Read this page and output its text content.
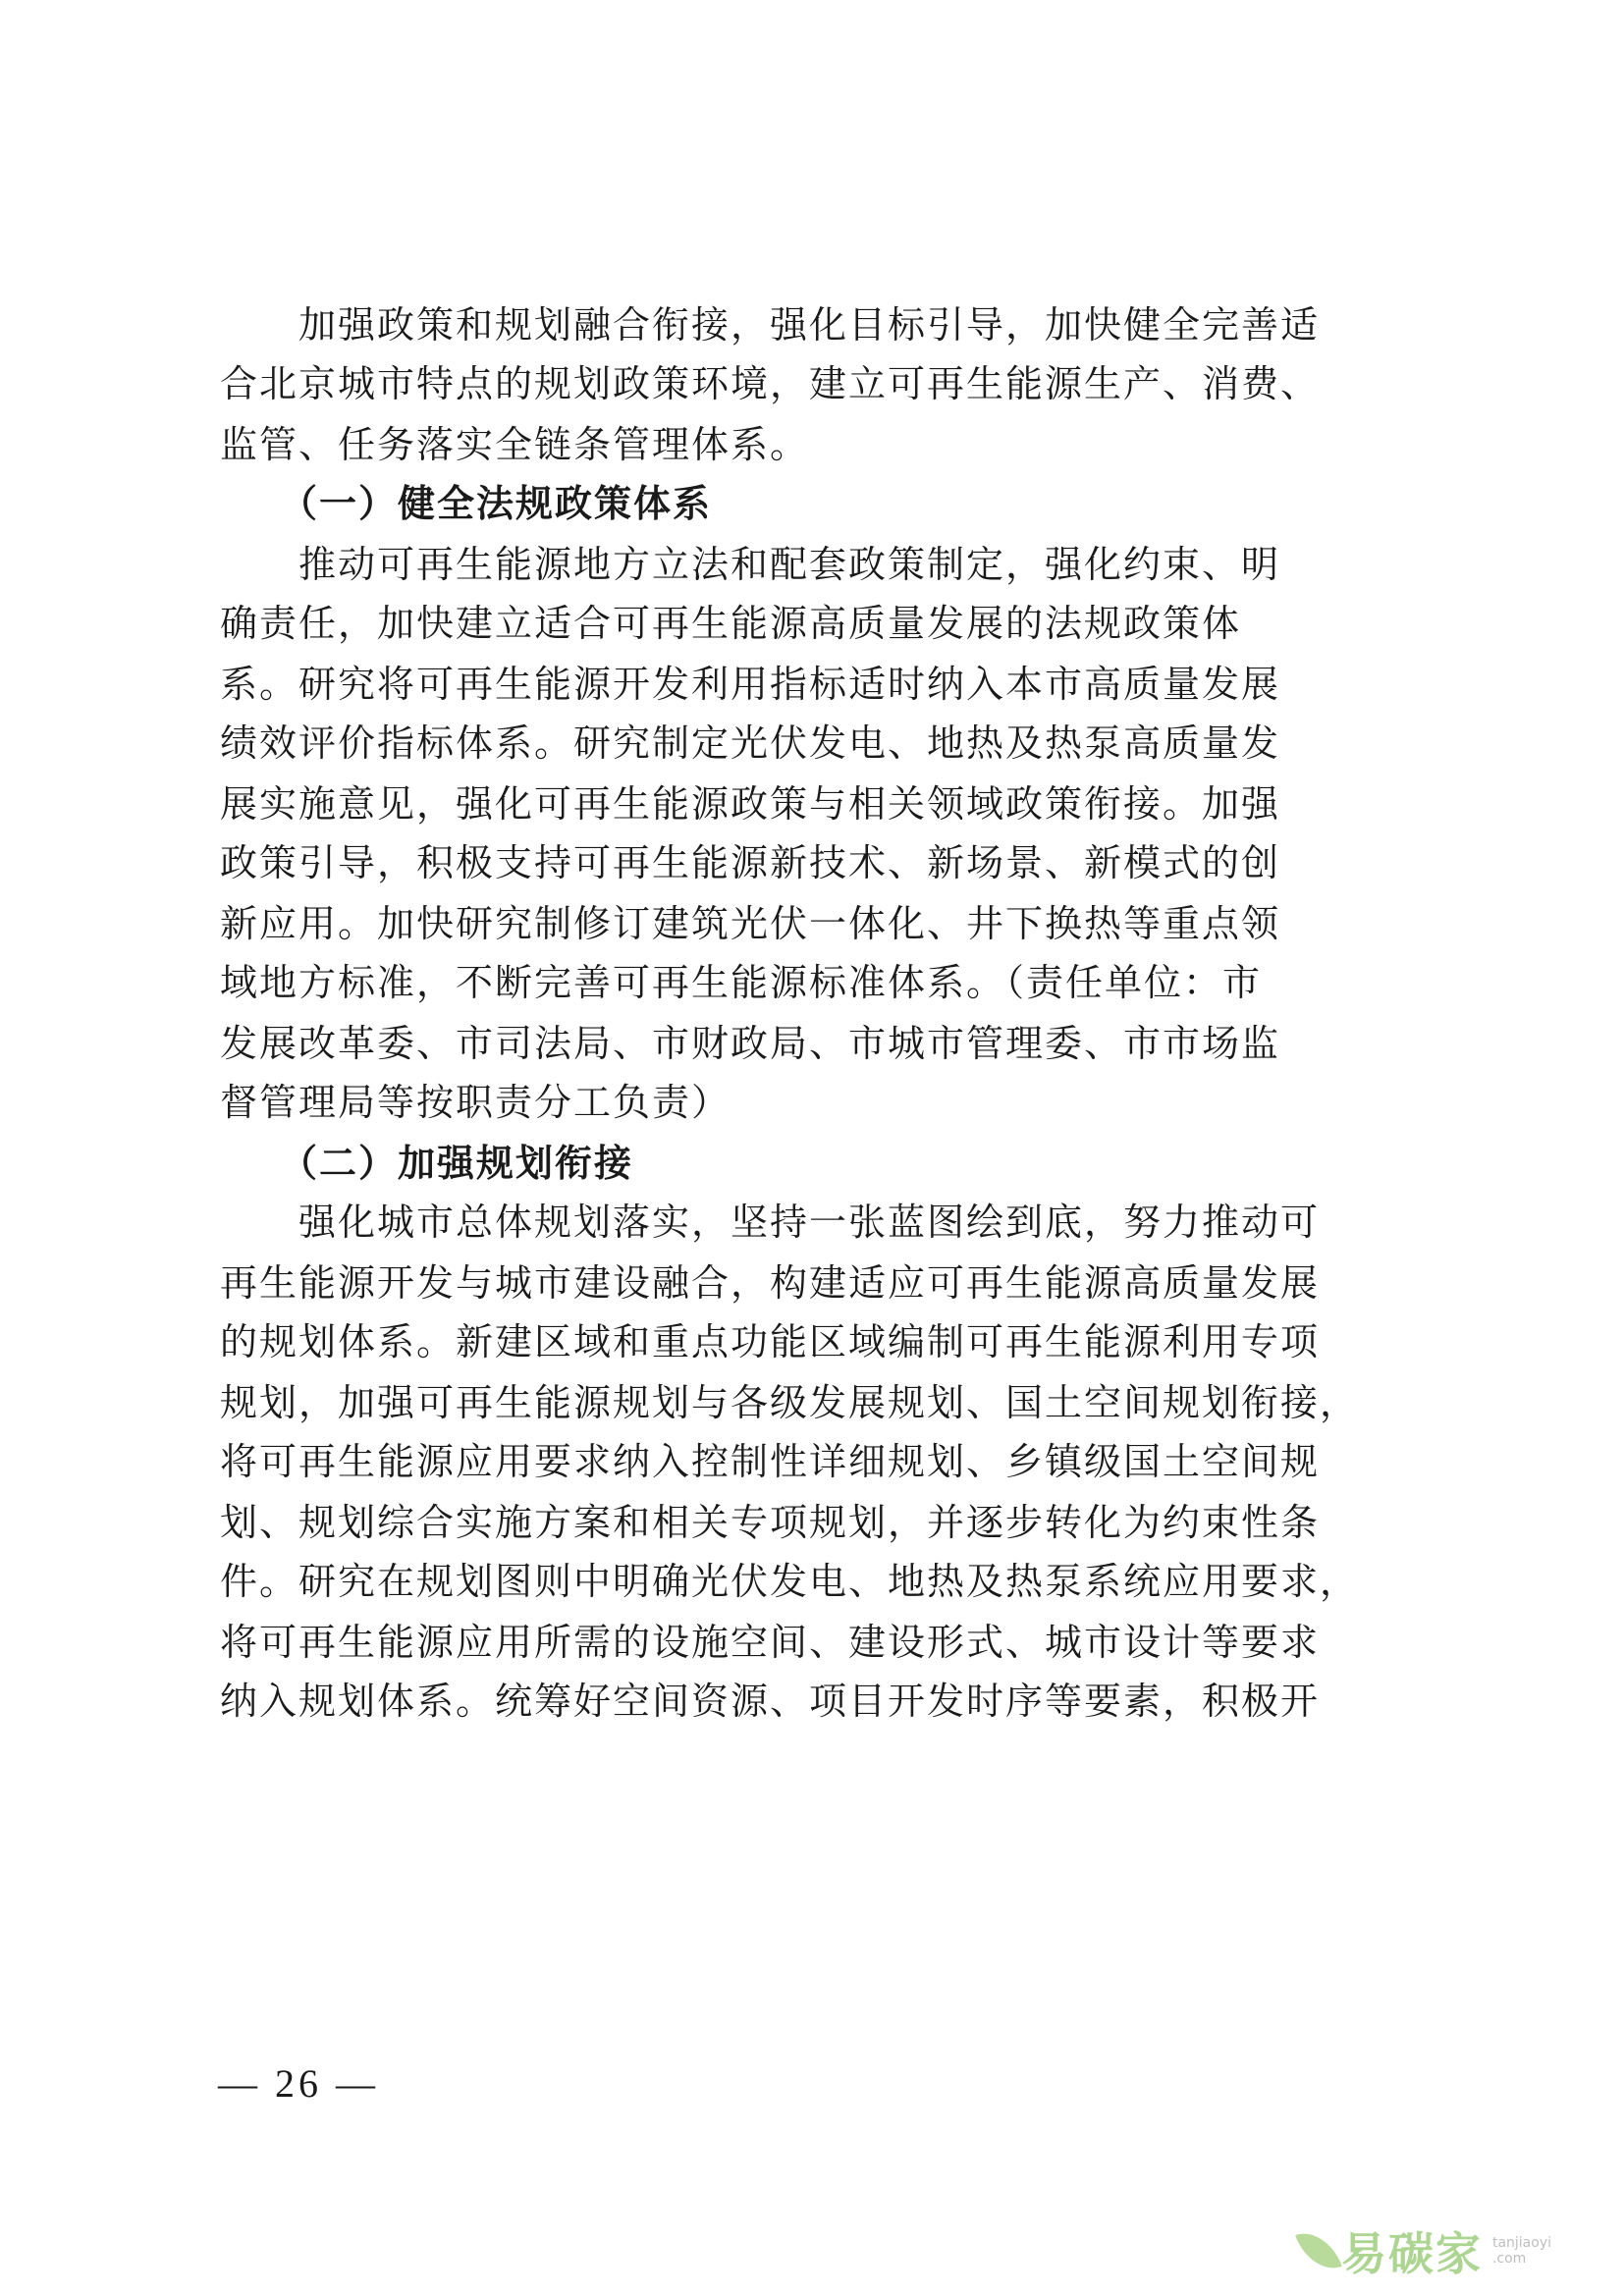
　　加强政策和规划融合衔接，强化目标引导，加快健全完善适
合北京城市特点的规划政策环境，建立可再生能源生产、消费、
监管、任务落实全链条管理体系。
　　（一）健全法规政策体系
　　推动可再生能源地方立法和配套政策制定，强化约束、明
确责任，加快建立适合可再生能源高质量发展的法规政策体
系。研究将可再生能源开发利用指标适时纳入本市高质量发展
绩效评价指标体系。研究制定光伏发电、地热及热泵高质量发
展实施意见，强化可再生能源政策与相关领域政策衔接。加强
政策引导，积极支持可再生能源新技术、新场景、新模式的创
新应用。加快研究制修订建筑光伏一体化、井下换热等重点领
域地方标准，不断完善可再生能源标准体系。（责任单位：市
发展改革委、市司法局、市财政局、市城市管理委、市市场监
督管理局等按职责分工负责）
　　（二）加强规划衔接
　　强化城市总体规划落实，坚持一张蓝图绘到底，努力推动可
再生能源开发与城市建设融合，构建适应可再生能源高质量发展
的规划体系。新建区域和重点功能区域编制可再生能源利用专项
规划，加强可再生能源规划与各级发展规划、国土空间规划衔接，
将可再生能源应用要求纳入控制性详细规划、乡镇级国土空间规
划、规划综合实施方案和相关专项规划，并逐步转化为约束性条
件。研究在规划图则中明确光伏发电、地热及热泵系统应用要求，
将可再生能源应用所需的设施空间、建设形式、城市设计等要求
纳入规划体系。统筹好空间资源、项目开发时序等要素，积极开
— 26 —
易碳家 tanjiaoyi
.com
